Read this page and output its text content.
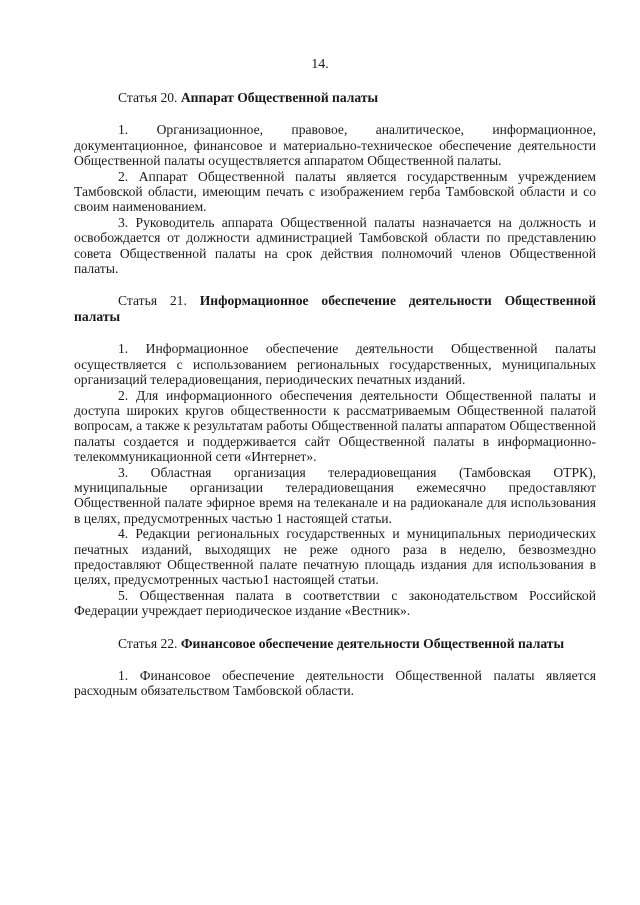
14.

Статья 20. Аппарат Общественной палаты

1. Организационное, правовое, аналитическое, информационное, документационное, финансовое и материально-техническое обеспечение деятельности Общественной палаты осуществляется аппаратом Общественной палаты.

2. Аппарат Общественной палаты является государственным учреждением Тамбовской области, имеющим печать с изображением герба Тамбовской области и со своим наименованием.

3. Руководитель аппарата Общественной палаты назначается на должность и освобождается от должности администрацией Тамбовской области по представлению совета Общественной палаты на срок действия полномочий членов Общественной палаты.

Статья 21. Информационное обеспечение деятельности Общественной палаты

1. Информационное обеспечение деятельности Общественной палаты осуществляется с использованием региональных государственных, муниципальных организаций телерадиовещания, периодических печатных изданий.

2. Для информационного обеспечения деятельности Общественной палаты и доступа широких кругов общественности к рассматриваемым Общественной палатой вопросам, а также к результатам работы Общественной палаты аппаратом Общественной палаты создается и поддерживается сайт Общественной палаты в информационно-телекоммуникационной сети «Интернет».

3. Областная организация телерадиовещания (Тамбовская ОТРК), муниципальные организации телерадиовещания ежемесячно предоставляют Общественной палате эфирное время на телеканале и на радиоканале для использования в целях, предусмотренных частью 1 настоящей статьи.

4. Редакции региональных государственных и муниципальных периодических печатных изданий, выходящих не реже одного раза в неделю, безвозмездно предоставляют Общественной палате печатную площадь издания для использования в целях, предусмотренных частью1 настоящей статьи.

5. Общественная палата в соответствии с законодательством Российской Федерации учреждает периодическое издание «Вестник».

Статья 22. Финансовое обеспечение деятельности Общественной палаты

1. Финансовое обеспечение деятельности Общественной палаты является расходным обязательством Тамбовской области.
